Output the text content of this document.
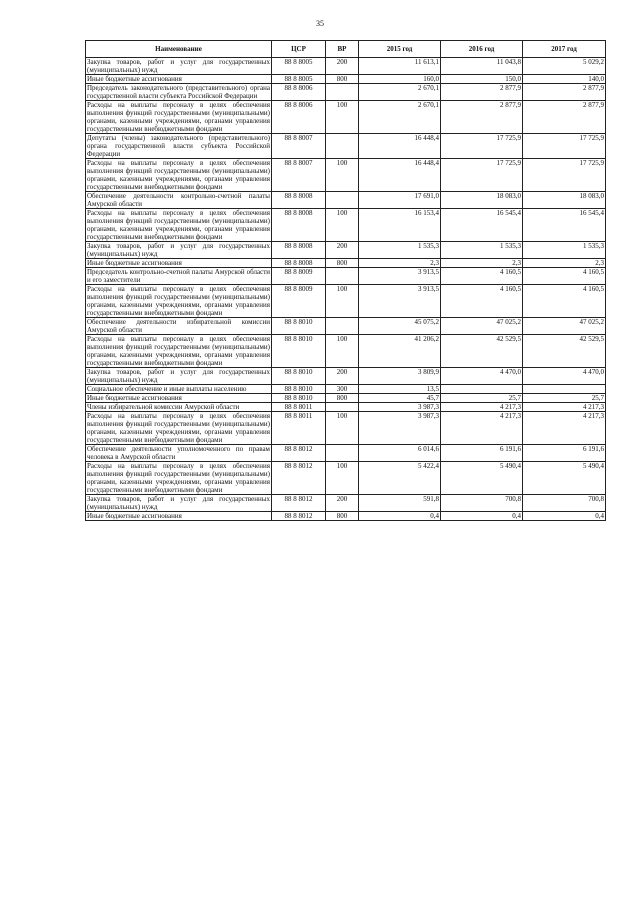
35
Наименование	ЦСР	ВР	2015 год	2016 год	2017 год
Закупка товаров, работ и услуг для государственных (муниципальных) нужд	88 8 8005	200	11 613,1	11 043,8	5 029,2
Иные бюджетные ассигнования	88 8 8005	800	160,0	150,0	140,0
Председатель законодательного (представительного) органа государственной власти субъекта Российской Федерации	88 8 8006		2 670,1	2 877,9	2 877,9
Расходы на выплаты персоналу в целях обеспечения выполнения функций государственными (муниципальными) органами, казенными учреждениями, органами управления государственными внебюджетными фондами	88 8 8006	100	2 670,1	2 877,9	2 877,9
Депутаты (члены) законодательного (представительного) органа государственной власти субъекта Российской Федерации	88 8 8007		16 448,4	17 725,9	17 725,9
Расходы на выплаты персоналу в целях обеспечения выполнения функций государственными (муниципальными) органами, казенными учреждениями, органами управления государственными внебюджетными фондами	88 8 8007	100	16 448,4	17 725,9	17 725,9
Обеспечение деятельности контрольно-счетной палаты Амурской области	88 8 8008		17 691,0	18 083,0	18 083,0
Расходы на выплаты персоналу в целях обеспечения выполнения функций государственными (муниципальными) органами, казенными учреждениями, органами управления государственными внебюджетными фондами	88 8 8008	100	16 153,4	16 545,4	16 545,4
Закупка товаров, работ и услуг для государственных (муниципальных) нужд	88 8 8008	200	1 535,3	1 535,3	1 535,3
Иные бюджетные ассигнования	88 8 8008	800	2,3	2,3	2,3
Председатель контрольно-счетной палаты Амурской области и его заместители	88 8 8009		3 913,5	4 160,5	4 160,5
Расходы на выплаты персоналу в целях обеспечения выполнения функций государственными (муниципальными) органами, казенными учреждениями, органами управления государственными внебюджетными фондами	88 8 8009	100	3 913,5	4 160,5	4 160,5
Обеспечение деятельности избирательной комиссии Амурской области	88 8 8010		45 075,2	47 025,2	47 025,2
Расходы на выплаты персоналу в целях обеспечения выполнения функций государственными (муниципальными) органами, казенными учреждениями, органами управления государственными внебюджетными фондами	88 8 8010	100	41 206,2	42 529,5	42 529,5
Закупка товаров, работ и услуг для государственных (муниципальных) нужд	88 8 8010	200	3 809,9	4 470,0	4 470,0
Социальное обеспечение и иные выплаты населению	88 8 8010	300	13,5		
Иные бюджетные ассигнования	88 8 8010	800	45,7	25,7	25,7
Члены избирательной комиссии Амурской области	88 8 8011		3 987,3	4 217,3	4 217,3
Расходы на выплаты персоналу в целях обеспечения выполнения функций государственными (муниципальными) органами, казенными учреждениями, органами управления государственными внебюджетными фондами	88 8 8011	100	3 987,3	4 217,3	4 217,3
Обеспечение деятельности уполномоченного по правам человека в Амурской области	88 8 8012		6 014,6	6 191,6	6 191,6
Расходы на выплаты персоналу в целях обеспечения выполнения функций государственными (муниципальными) органами, казенными учреждениями, органами управления государственными внебюджетными фондами	88 8 8012	100	5 422,4	5 490,4	5 490,4
Закупка товаров, работ и услуг для государственных (муниципальных) нужд	88 8 8012	200	591,8	700,8	700,8
Иные бюджетные ассигнования	88 8 8012	800	0,4	0,4	0,4
